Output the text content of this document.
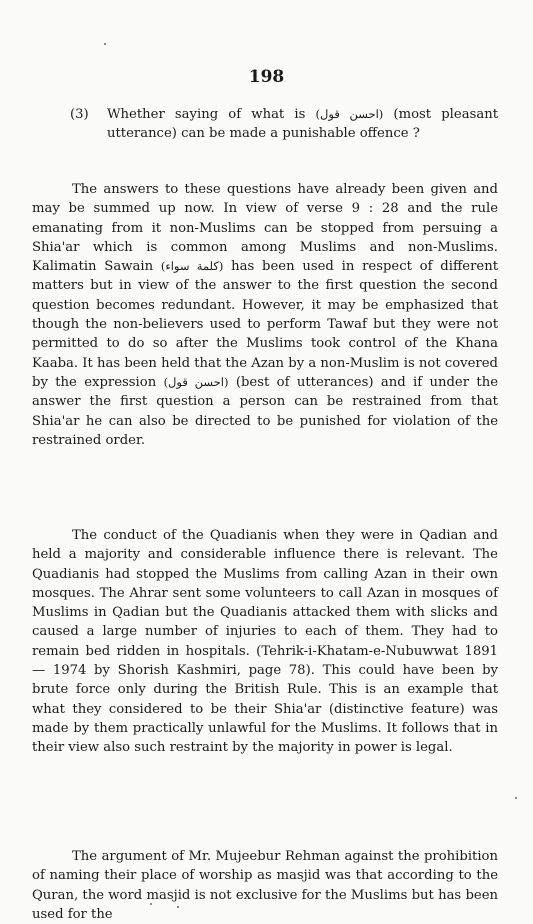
198
(3) Whether saying of what is (احسن قول) (most pleasant utterance) can be made a punishable offence ?
The answers to these questions have already been given and may be summed up now. In view of verse 9 : 28 and the rule emanating from it non-Muslims can be stopped from persuing a Shia'ar which is common among Muslims and non-Muslims. Kalimatin Sawain (كلمة سواء) has been used in respect of different matters but in view of the answer to the first question the second question becomes redundant. However, it may be emphasized that though the non-believers used to perform Tawaf but they were not permitted to do so after the Muslims took control of the Khana Kaaba. It has been held that the Azan by a non-Muslim is not covered by the expression (احسن قول) (best of utterances) and if under the answer the first question a person can be restrained from that Shia'ar he can also be directed to be punished for violation of the restrained order.
The conduct of the Quadianis when they were in Qadian and held a majority and considerable influence there is relevant. The Quadianis had stopped the Muslims from calling Azan in their own mosques. The Ahrar sent some volunteers to call Azan in mosques of Muslims in Qadian but the Quadianis attacked them with slicks and caused a large number of injuries to each of them. They had to remain bed ridden in hospitals. (Tehrik-i-Khatam-e-Nubuwwat 1891 — 1974 by Shorish Kashmiri, page 78). This could have been by brute force only during the British Rule. This is an example that what they considered to be their Shia'ar (distinctive feature) was made by them practically unlawful for the Muslims. It follows that in their view also such restraint by the majority in power is legal.
The argument of Mr. Mujeebur Rehman against the prohibition of naming their place of worship as masjid was that according to the Quran, the word masjid is not exclusive for the Muslims but has been used for the
